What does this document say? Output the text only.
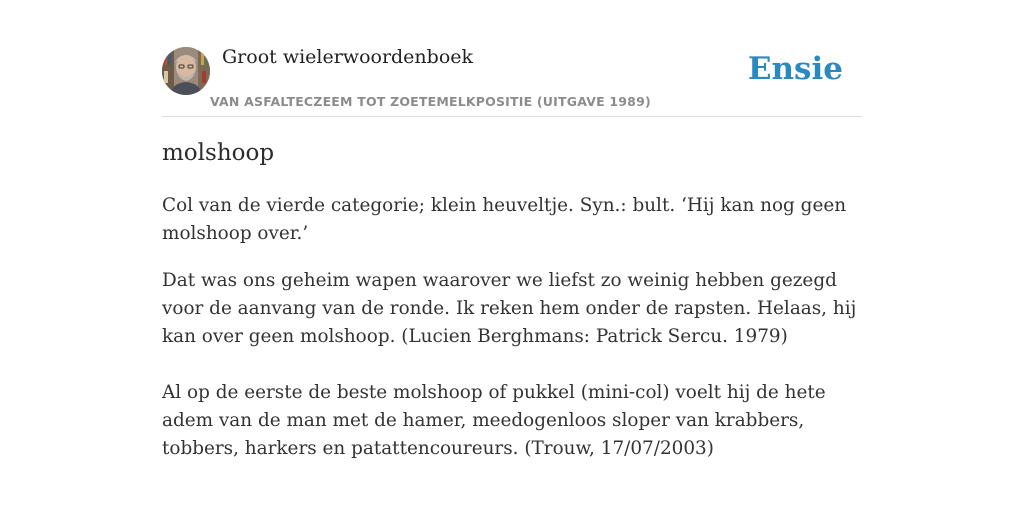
Groot wielerwoordenboek
VAN ASFALTECZEEM TOT ZOETEMELKPOSITIE (UITGAVE 1989)
Ensie
molshoop

Col van de vierde categorie; klein heuveltje. Syn.: bult. ‘Hij kan nog geen molshoop over.’

Dat was ons geheim wapen waarover we liefst zo weinig hebben gezegd voor de aanvang van de ronde. Ik reken hem onder de rapsten. Helaas, hij kan over geen molshoop. (Lucien Berghmans: Patrick Sercu. 1979)

Al op de eerste de beste molshoop of pukkel (mini-col) voelt hij de hete adem van de man met de hamer, meedogenloos sloper van krabbers, tobbers, harkers en patattencoureurs. (Trouw, 17/07/2003)
